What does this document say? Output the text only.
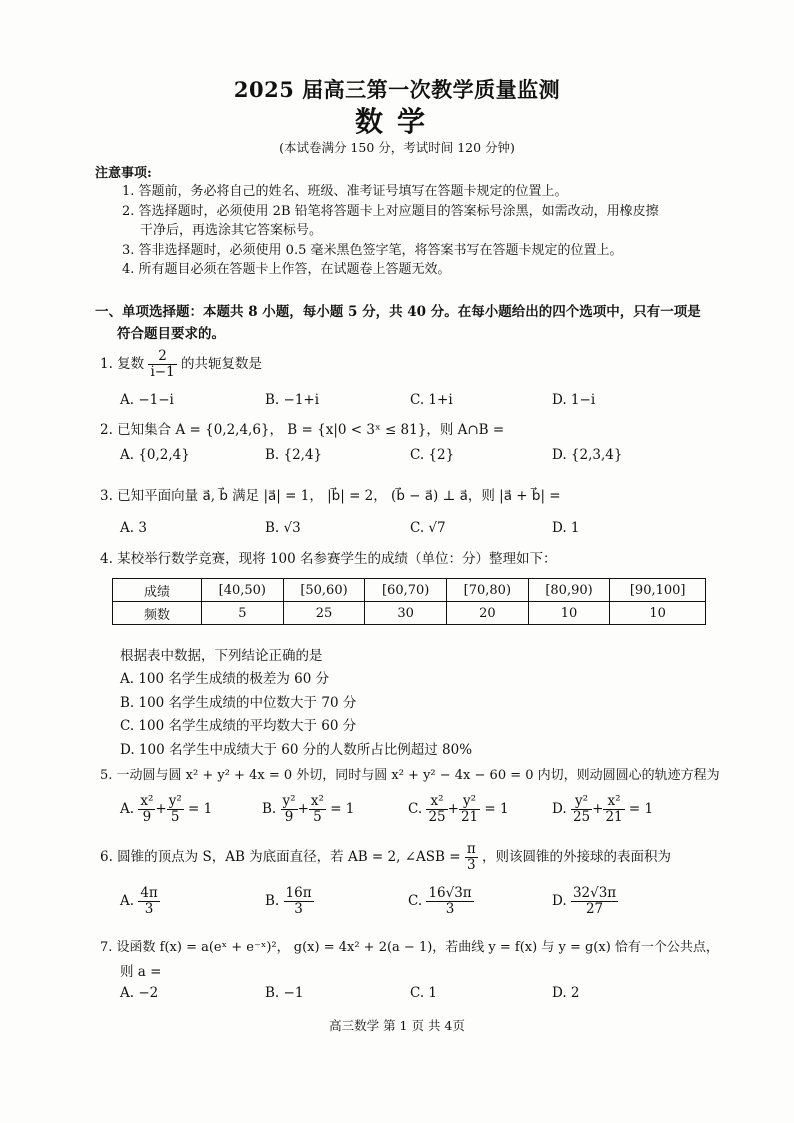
2025 届高三第一次教学质量监测
数学
(本试卷满分 150 分，考试时间 120 分钟)
注意事项:
1. 答题前，务必将自己的姓名、班级、准考证号填写在答题卡规定的位置上。
2. 答选择题时，必须使用 2B 铅笔将答题卡上对应题目的答案标号涂黑，如需改动，用橡皮擦
干净后，再选涂其它答案标号。
3. 答非选择题时，必须使用 0.5 毫米黑色签字笔，将答案书写在答题卡规定的位置上。
4. 所有题目必须在答题卡上作答，在试题卷上答题无效。
一、单项选择题：本题共 8 小题，每小题 5 分，共 40 分。在每小题给出的四个选项中，只有一项是
符合题目要求的。
1. 复数 $\frac{2}{i-1}$ 的共轭复数是
A. −1−i	B. −1+i	C. 1+i	D. 1−i
2. 已知集合 A = {0,2,4,6}， B = {x|0 < 3ˣ ≤ 81}，则 A∩B =
A. {0,2,4}	B. {2,4}	C. {2}	D. {2,3,4}
3. 已知平面向量 a⃗, b⃗ 满足 |a⃗| = 1， |b⃗| = 2， (b⃗ − a⃗) ⊥ a⃗，则 |a⃗ + b⃗| =
A. 3	B. √3	C. √7	D. 1
4. 某校举行数学竞赛，现将 100 名参赛学生的成绩（单位：分）整理如下：
成绩	[40,50)	[50,60)	[60,70)	[70,80)	[80,90)	[90,100]
频数	5	25	30	20	10	10
根据表中数据，下列结论正确的是
A. 100 名学生成绩的极差为 60 分
B. 100 名学生成绩的中位数大于 70 分
C. 100 名学生成绩的平均数大于 60 分
D. 100 名学生中成绩大于 60 分的人数所占比例超过 80%
5. 一动圆与圆 x² + y² + 4x = 0 外切，同时与圆 x² + y² − 4x − 60 = 0 内切，则动圆圆心的轨迹方程为
A. $\frac{\text{x²}}{9} + \frac{\text{y²}}{5} = 1$	B. $\frac{\text{y²}}{9} + \frac{\text{x²}}{5} = 1$	C. $\frac{\text{x²}}{25} + \frac{\text{y²}}{21} = 1$	D. $\frac{\text{y²}}{25} + \frac{\text{x²}}{21} = 1$
6. 圆锥的顶点为 S，AB 为底面直径，若 AB = 2, ∠ASB = $\frac{\pi}{3}$ ，则该圆锥的外接球的表面积为
A. $\frac{4\pi}{3}$	B. $\frac{16\pi}{3}$	C. $\frac{16√3\pi}{3}$	D. $\frac{32√3\pi}{27}$
7. 设函数 f(x) = a(eˣ + e⁻ˣ)²， g(x) = 4x² + 2(a − 1)，若曲线 y = f(x) 与 y = g(x) 恰有一个公共点，
则 a =
A. −2	B. −1	C. 1	D. 2
高三数学 第 1 页 共 4页
